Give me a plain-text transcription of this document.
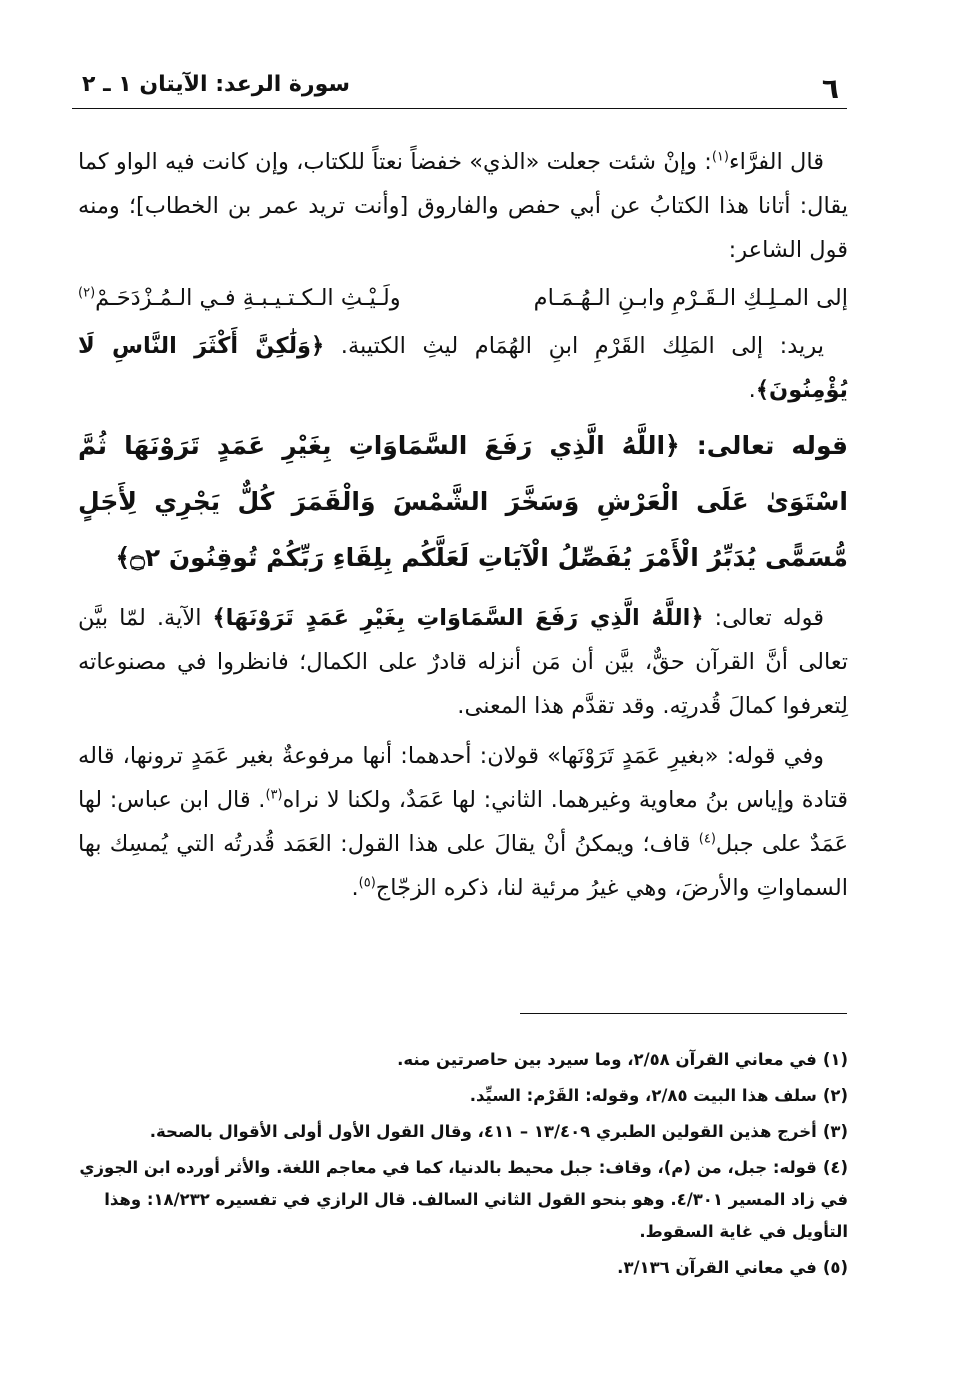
٦
سورة الرعد: الآيتان ١ ـ ٢

قال الفرَّاء$^{(١)}$: وإنْ شئت جعلت «الذي» خفضاً نعتاً للكتاب، وإن كانت فيه الواو كما يقال: أتانا هذا الكتابُ عن أبي حفص والفاروق [وأنت تريد عمر بن الخطاب]؛ ومنه قول الشاعر:

إلى المـلِـكِ الـقَـرْمِ وابـنِ الـهُـمَـام
ولَـيْـثِ الـكـتـيـبـةِ فـي الـمُـزْدَحَـمْ$^{(٢)}$

يريد: إلى المَلِك القَرْمِ ابنِ الهُمَام ليثِ الكتيبة. ﴿وَلَٰكِنَّ أَكْثَرَ النَّاسِ لَا يُؤْمِنُونَ﴾.

قوله تعالى: ﴿اللَّهُ الَّذِي رَفَعَ السَّمَاوَاتِ بِغَيْرِ عَمَدٍ تَرَوْنَهَا ثُمَّ اسْتَوَىٰ عَلَى الْعَرْشِ وَسَخَّرَ الشَّمْسَ وَالْقَمَرَ كُلٌّ يَجْرِي لِأَجَلٍ مُّسَمًّى يُدَبِّرُ الْأَمْرَ يُفَصِّلُ الْآيَاتِ لَعَلَّكُم بِلِقَاءِ رَبِّكُمْ تُوقِنُونَ ۝٢﴾

قوله تعالى: ﴿اللَّهُ الَّذِي رَفَعَ السَّمَاوَاتِ بِغَيْرِ عَمَدٍ تَرَوْنَهَا﴾ الآية. لمّا بيَّن تعالى أنَّ القرآن حقٌّ، بيَّن أن مَن أنزله قادرٌ على الكمال؛ فانظروا في مصنوعاته لِتعرفوا كمالَ قُدرتِه. وقد تقدَّم هذا المعنى.

وفي قوله: «بغيرِ عَمَدٍ تَرَوْنَها» قولان: أحدهما: أنها مرفوعةٌ بغير عَمَدٍ ترونها، قاله قتادة وإياس بنُ معاوية وغيرهما. الثاني: لها عَمَدٌ، ولكنا لا نراه$^{(٣)}$. قال ابن عباس: لها عَمَدٌ على جبل$^{(٤)}$ قاف؛ ويمكنُ أنْ يقالَ على هذا القول: العَمَد قُدرتُه التي يُمسِك بها السماواتِ والأرضَ، وهي غيرُ مرئية لنا، ذكره الزجّاج$^{(٥)}$.

(١)في معاني القرآن ٢/٥٨، وما سيرد بين حاصرتين منه.

(٢)سلف هذا البيت ٢/٨٥، وقوله: القَرْم: السيِّد.

(٣)أخرج هذين القولين الطبري ١٣/٤٠٩ – ٤١١، وقال القول الأول أولى الأقوال بالصحة.

(٤)قوله: جبل، من (م)، وقاف: جبل محيط بالدنيا، كما في معاجم اللغة. والأثر أورده ابن الجوزي في زاد المسير ٤/٣٠١. وهو بنحو القول الثاني السالف. قال الرازي في تفسيره ١٨/٢٣٢: وهذا التأويل في غاية السقوط.

(٥)في معاني القرآن ٣/١٣٦.
